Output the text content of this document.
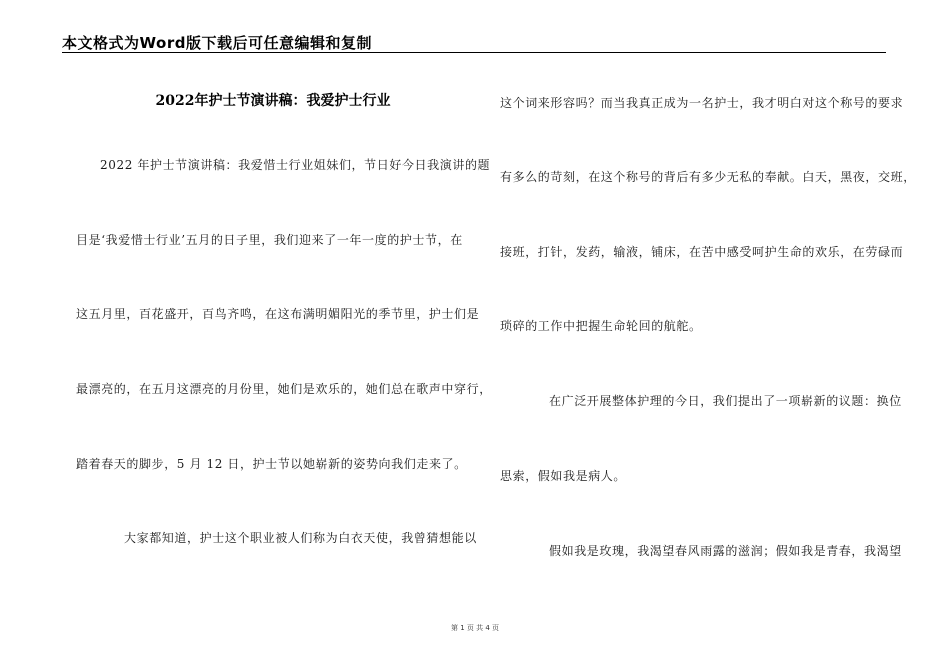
本文格式为Word版下载后可任意编辑和复制
2022年护士节演讲稿：我爱护士行业
2022 年护士节演讲稿：我爱惜士行业姐妹们，节日好今日我演讲的题
目是‘我爱惜士行业’五月的日子里，我们迎来了一年一度的护士节，在
这五月里，百花盛开，百鸟齐鸣，在这布满明媚阳光的季节里，护士们是
最漂亮的，在五月这漂亮的月份里，她们是欢乐的，她们总在歌声中穿行，
踏着春天的脚步，5 月 12 日，护士节以她崭新的姿势向我们走来了。
大家都知道，护士这个职业被人们称为白衣天使，我曾猜想能以
这个词来形容吗？而当我真正成为一名护士，我才明白对这个称号的要求
有多么的苛刻，在这个称号的背后有多少无私的奉献。白天，黑夜，交班，
接班，打针，发药，输液，铺床，在苦中感受呵护生命的欢乐，在劳碌而
琐碎的工作中把握生命轮回的航舵。
在广泛开展整体护理的今日，我们提出了一项崭新的议题：换位
思索，假如我是病人。
假如我是玫瑰，我渴望春风雨露的滋润；假如我是青春，我渴望
第 1 页 共 4 页
